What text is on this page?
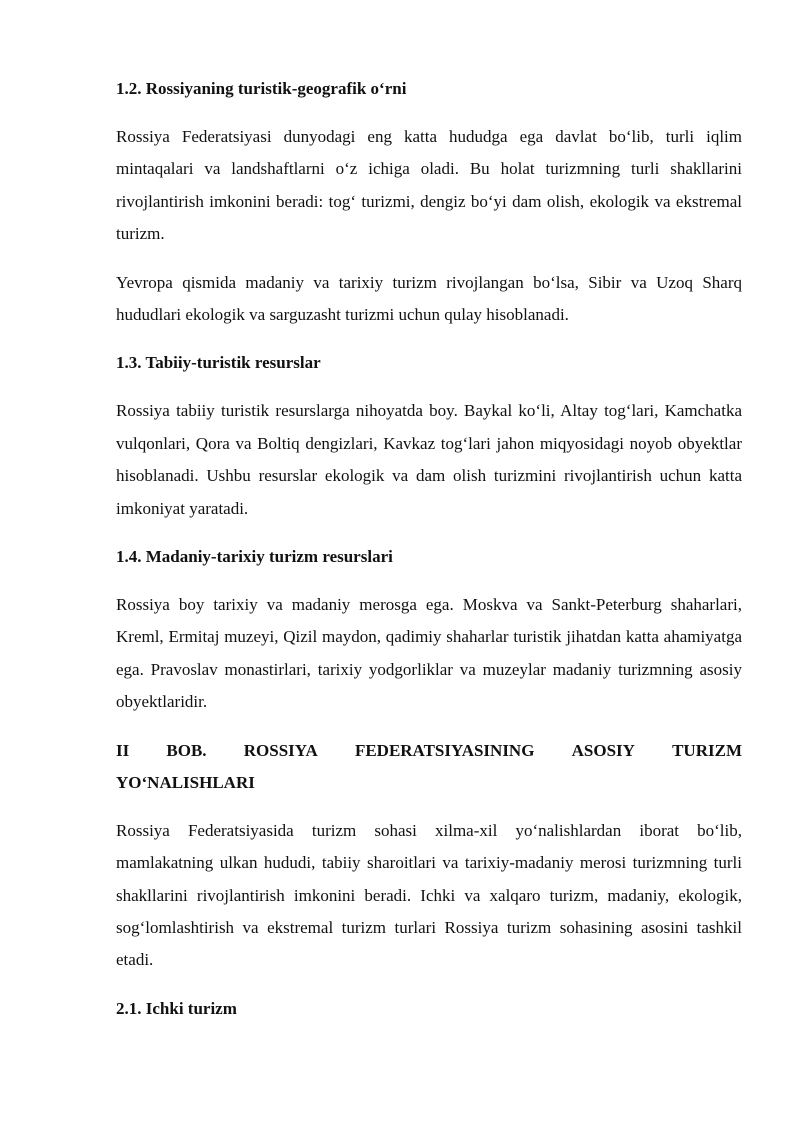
1.2. Rossiyaning turistik-geografik o‘rni

Rossiya Federatsiyasi dunyodagi eng katta hududga ega davlat bo‘lib, turli iqlim mintaqalari va landshaftlarni o‘z ichiga oladi. Bu holat turizmning turli shakllarini rivojlantirish imkonini beradi: tog‘ turizmi, dengiz bo‘yi dam olish, ekologik va ekstremal turizm.

Yevropa qismida madaniy va tarixiy turizm rivojlangan bo‘lsa, Sibir va Uzoq Sharq hududlari ekologik va sarguzasht turizmi uchun qulay hisoblanadi.

1.3. Tabiiy-turistik resurslar

Rossiya tabiiy turistik resurslarga nihoyatda boy. Baykal ko‘li, Altay tog‘lari, Kamchatka vulqonlari, Qora va Boltiq dengizlari, Kavkaz tog‘lari jahon miqyosidagi noyob obyektlar hisoblanadi. Ushbu resurslar ekologik va dam olish turizmini rivojlantirish uchun katta imkoniyat yaratadi.

1.4. Madaniy-tarixiy turizm resurslari

Rossiya boy tarixiy va madaniy merosga ega. Moskva va Sankt-Peterburg shaharlari, Kreml, Ermitaj muzeyi, Qizil maydon, qadimiy shaharlar turistik jihatdan katta ahamiyatga ega. Pravoslav monastirlari, tarixiy yodgorliklar va muzeylar madaniy turizmning asosiy obyektlaridir.

II BOB. ROSSIYA FEDERATSIYASINING ASOSIY TURIZM
YO‘NALISHLARI

Rossiya Federatsiyasida turizm sohasi xilma-xil yo‘nalishlardan iborat bo‘lib, mamlakatning ulkan hududi, tabiiy sharoitlari va tarixiy-madaniy merosi turizmning turli shakllarini rivojlantirish imkonini beradi. Ichki va xalqaro turizm, madaniy, ekologik, sog‘lomlashtirish va ekstremal turizm turlari Rossiya turizm sohasining asosini tashkil etadi.

2.1. Ichki turizm
